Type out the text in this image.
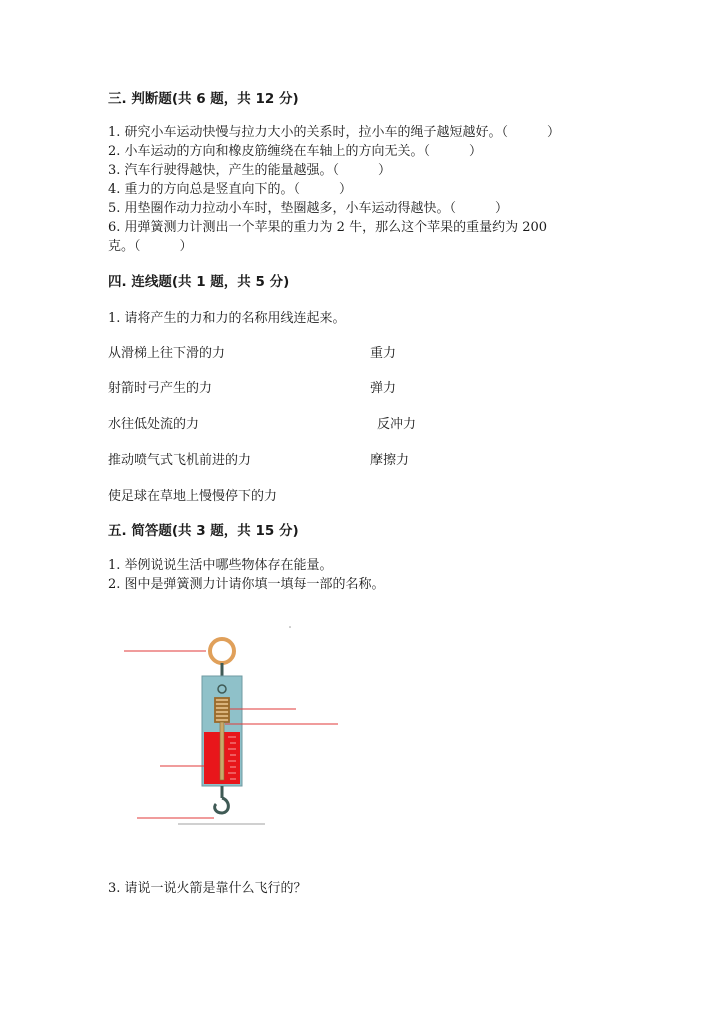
三. 判断题(共 6 题，共 12 分)
1. 研究小车运动快慢与拉力大小的关系时，拉小车的绳子越短越好。（　　　）
2. 小车运动的方向和橡皮筋缠绕在车轴上的方向无关。（　　　）
3. 汽车行驶得越快，产生的能量越强。（　　　）
4. 重力的方向总是竖直向下的。（　　　）
5. 用垫圈作动力拉动小车时，垫圈越多，小车运动得越快。（　　　）
6. 用弹簧测力计测出一个苹果的重力为 2 牛，那么这个苹果的重量约为 200
克。（　　　）
四. 连线题(共 1 题，共 5 分)
1. 请将产生的力和力的名称用线连起来。
从滑梯上往下滑的力
射箭时弓产生的力
水往低处流的力
推动喷气式飞机前进的力
使足球在草地上慢慢停下的力
重力
弹力
反冲力
摩擦力
五. 简答题(共 3 题，共 15 分)
1. 举例说说生活中哪些物体存在能量。
2. 图中是弹簧测力计请你填一填每一部的名称。
3. 请说一说火箭是靠什么飞行的？
